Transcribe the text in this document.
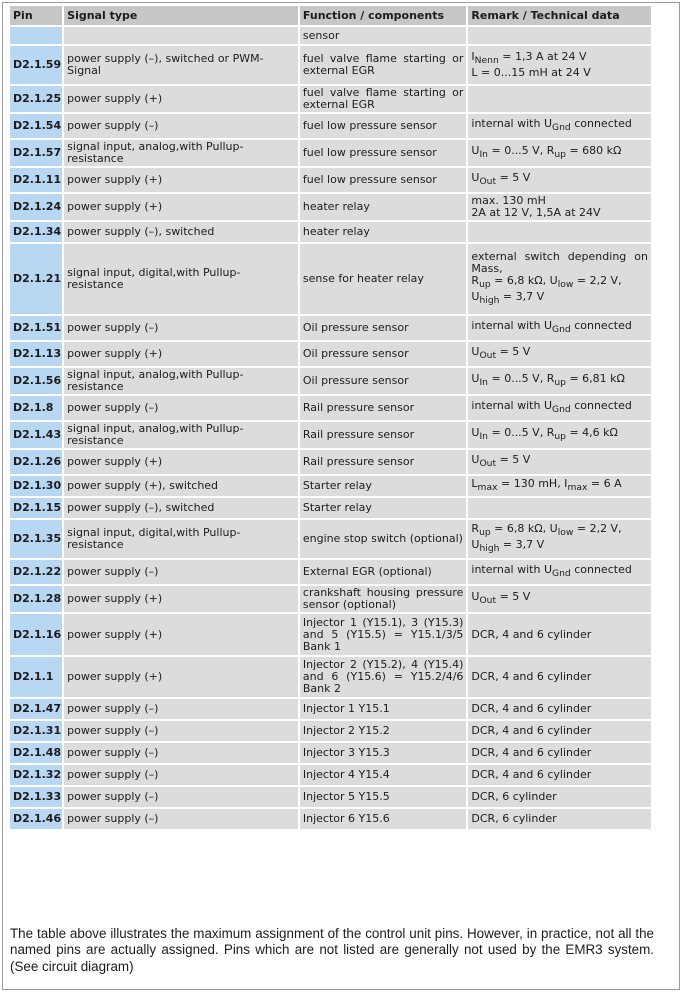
Pin	Signal type	Function / components	Remark / Technical data
		sensor	
D2.1.59	power supply (–), switched or PWM-Signal	fuel valve flame starting or external EGR	$I_{Nenn} = 1,3$ A at 24 V
L = 0...15 mH at 24 V
D2.1.25	power supply (+)	fuel valve flame starting or external EGR	
D2.1.54	power supply (–)	fuel low pressure sensor	internal with $U_{Gnd}$ connected
D2.1.57	signal input, analog,with Pullup-resistance	fuel low pressure sensor	$U_{In} = 0...5$ V, $R_{up} = 680$ kΩ
D2.1.11	power supply (+)	fuel low pressure sensor	$U_{Out} = 5$ V
D2.1.24	power supply (+)	heater relay	max. 130 mH
2A at 12 V, 1,5A at 24V
D2.1.34	power supply (–), switched	heater relay	
D2.1.21	signal input, digital,with Pullup-resistance	sense for heater relay	external switch depending on Mass,
$R_{up} = 6,8$ kΩ, $U_{low} = 2,2$ V,
$U_{high} = 3,7$ V
D2.1.51	power supply (–)	Oil pressure sensor	internal with $U_{Gnd}$ connected
D2.1.13	power supply (+)	Oil pressure sensor	$U_{Out} = 5$ V
D2.1.56	signal input, analog,with Pullup-resistance	Oil pressure sensor	$U_{In} = 0...5$ V, $R_{up} = 6,81$ kΩ
D2.1.8	power supply (–)	Rail pressure sensor	internal with $U_{Gnd}$ connected
D2.1.43	signal input, analog,with Pullup-resistance	Rail pressure sensor	$U_{In} = 0...5$ V, $R_{up} = 4,6$ kΩ
D2.1.26	power supply (+)	Rail pressure sensor	$U_{Out} = 5$ V
D2.1.30	power supply (+), switched	Starter relay	$L_{max} = 130$ mH, $I_{max} = 6$ A
D2.1.15	power supply (–), switched	Starter relay	
D2.1.35	signal input, digital,with Pullup-resistance	engine stop switch (optional)	$R_{up} = 6,8$ kΩ, $U_{low} = 2,2$ V,
$U_{high} = 3,7$ V
D2.1.22	power supply (–)	External EGR (optional)	internal with $U_{Gnd}$ connected
D2.1.28	power supply (+)	crankshaft housing pressure sensor (optional)	$U_{Out} = 5$ V
D2.1.16	power supply (+)	Injector 1 (Y15.1), 3 (Y15.3) and 5 (Y15.5) = Y15.1/3/5 Bank 1	DCR, 4 and 6 cylinder
D2.1.1	power supply (+)	Injector 2 (Y15.2), 4 (Y15.4) and 6 (Y15.6) = Y15.2/4/6 Bank 2	DCR, 4 and 6 cylinder
D2.1.47	power supply (–)	Injector 1 Y15.1	DCR, 4 and 6 cylinder
D2.1.31	power supply (–)	Injector 2 Y15.2	DCR, 4 and 6 cylinder
D2.1.48	power supply (–)	Injector 3 Y15.3	DCR, 4 and 6 cylinder
D2.1.32	power supply (–)	Injector 4 Y15.4	DCR, 4 and 6 cylinder
D2.1.33	power supply (–)	Injector 5 Y15.5	DCR, 6 cylinder
D2.1.46	power supply (–)	Injector 6 Y15.6	DCR, 6 cylinder
The table above illustrates the maximum assignment of the control unit pins. However, in practice, not all the named pins are actually assigned. Pins which are not listed are generally not used by the EMR3 system. (See circuit diagram)
